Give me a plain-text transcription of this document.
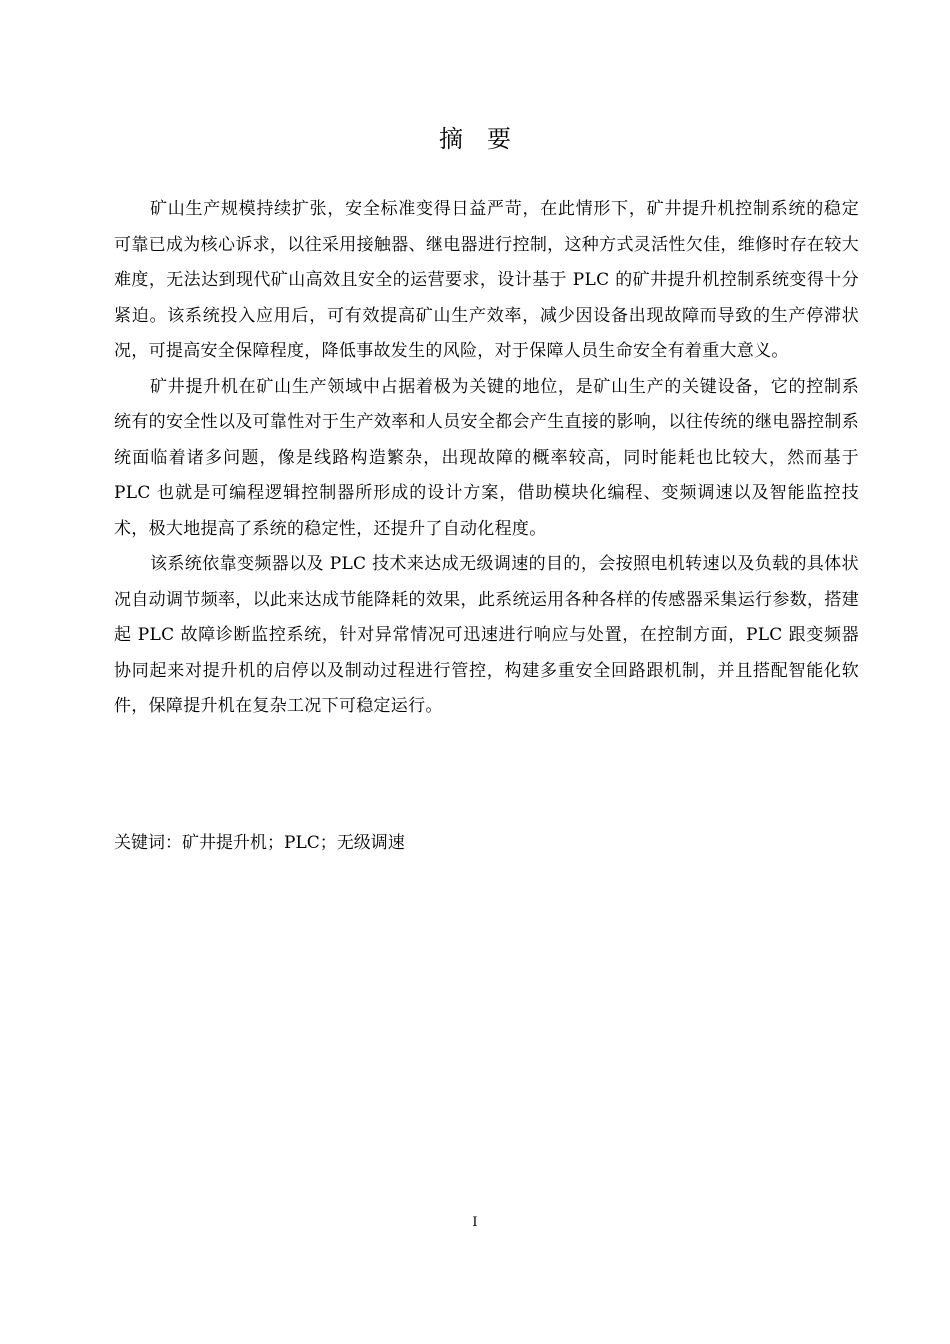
摘要

矿山生产规模持续扩张，安全标准变得日益严苛，在此情形下，矿井提升机控制系统的稳定可靠已成为核心诉求，以往采用接触器、继电器进行控制，这种方式灵活性欠佳，维修时存在较大难度，无法达到现代矿山高效且安全的运营要求，设计基于 PLC 的矿井提升机控制系统变得十分紧迫。该系统投入应用后，可有效提高矿山生产效率，减少因设备出现故障而导致的生产停滞状况，可提高安全保障程度，降低事故发生的风险，对于保障人员生命安全有着重大意义。

矿井提升机在矿山生产领域中占据着极为关键的地位，是矿山生产的关键设备，它的控制系统有的安全性以及可靠性对于生产效率和人员安全都会产生直接的影响，以往传统的继电器控制系统面临着诸多问题，像是线路构造繁杂，出现故障的概率较高，同时能耗也比较大，然而基于 PLC 也就是可编程逻辑控制器所形成的设计方案，借助模块化编程、变频调速以及智能监控技术，极大地提高了系统的稳定性，还提升了自动化程度。

该系统依靠变频器以及 PLC 技术来达成无级调速的目的，会按照电机转速以及负载的具体状况自动调节频率，以此来达成节能降耗的效果，此系统运用各种各样的传感器采集运行参数，搭建起 PLC 故障诊断监控系统，针对异常情况可迅速进行响应与处置，在控制方面，PLC 跟变频器协同起来对提升机的启停以及制动过程进行管控，构建多重安全回路跟机制，并且搭配智能化软件，保障提升机在复杂工况下可稳定运行。

关键词：矿井提升机；PLC；无级调速

I
